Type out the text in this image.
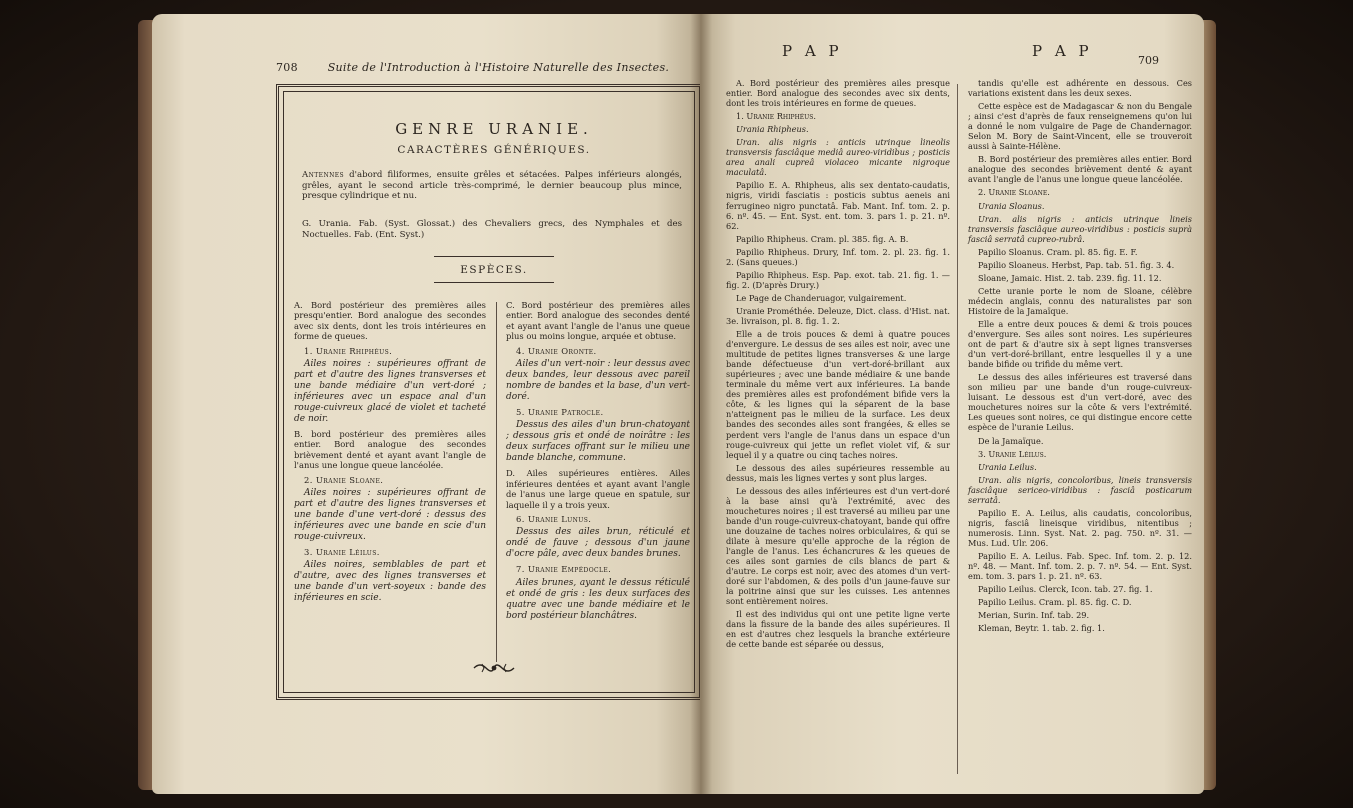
708	Suite de l'Introduction à l'Histoire Naturelle des Insectes.
GENRE URANIE.
CARACTÈRES GÉNÉRIQUES.
Antennes d'abord filiformes, ensuite grêles et sétacées. Palpes inférieurs alongés, grêles, ayant le second article très-comprimé, le dernier beaucoup plus mince, presque cylindrique et nu.
G. Urania. Fab. (Syst. Glossat.) des Chevaliers grecs, des Nymphales et des Noctuelles. Fab. (Ent. Syst.)
ESPÈCES.

A. Bord postérieur des premières ailes presqu'entier. Bord analogue des secondes avec six dents, dont les trois intérieures en forme de queues.

1. Uranie Rhiphéus.

Ailes noires : supérieures offrant de part et d'autre des lignes transverses et une bande médiaire d'un vert-doré ; inférieures avec un espace anal d'un rouge-cuivreux glacé de violet et tacheté de noir.

B. bord postérieur des premières ailes entier. Bord analogue des secondes brièvement denté et ayant avant l'angle de l'anus une longue queue lancéolée.

2. Uranie Sloane.

Ailes noires : supérieures offrant de part et d'autre des lignes transverses et une bande d'une vert-doré : dessus des inférieures avec une bande en scie d'un rouge-cuivreux.

3. Uranie Léilus.

Ailes noires, semblables de part et d'autre, avec des lignes transverses et une bande d'un vert-soyeux : bande des inférieures en scie.

C. Bord postérieur des premières ailes entier. Bord analogue des secondes denté et ayant avant l'angle de l'anus une queue plus ou moins longue, arquée et obtuse.

4. Uranie Oronte.

Ailes d'un vert-noir : leur dessus avec deux bandes, leur dessous avec pareil nombre de bandes et la base, d'un vert-doré.

5. Uranie Patrocle.

Dessus des ailes d'un brun-chatoyant ; dessous gris et ondé de noirâtre : les deux surfaces offrant sur le milieu une bande blanche, commune.

D. Ailes supérieures entières. Ailes inférieures dentées et ayant avant l'angle de l'anus une large queue en spatule, sur laquelle il y a trois yeux.

6. Uranie Lunus.

Dessus des ailes brun, réticulé et ondé de fauve ; dessous d'un jaune d'ocre pâle, avec deux bandes brunes.

7. Uranie Empédocle.

Ailes brunes, ayant le dessus réticulé et ondé de gris : les deux surfaces des quatre avec une bande médiaire et le bord postérieur blanchâtres.

P A P	P A P
709

A. Bord postérieur des premières ailes presque entier. Bord analogue des secondes avec six dents, dont les trois intérieures en forme de queues.

1. Uranie Rhiphéus.

Urania Rhipheus.

Uran. alis nigris : anticis utrinque lineolis transversis fasciâque mediâ aureo-viridibus ; posticis area anali cupreâ violaceo micante nigroque maculatâ.

Papilio E. A. Rhipheus, alis sex dentato-caudatis, nigris, viridi fasciatis : posticis subtus aeneis ani ferrugineo nigro punctatâ. Fab. Mant. Inf. tom. 2. p. 6. nº. 45. — Ent. Syst. ent. tom. 3. pars 1. p. 21. nº. 62.

Papilio Rhipheus. Cram. pl. 385. fig. A. B.

Papilio Rhipheus. Drury, Inf. tom. 2. pl. 23. fig. 1. 2. (Sans queues.)

Papilio Rhipheus. Esp. Pap. exot. tab. 21. fig. 1. — fig. 2. (D'après Drury.)

Le Page de Chanderuagor, vulgairement.

Uranie Prométhée. Deleuze, Dict. class. d'Hist. nat. 3e. livraison, pl. 8. fig. 1. 2.

Elle a de trois pouces & demi à quatre pouces d'envergure. Le dessus de ses ailes est noir, avec une multitude de petites lignes transverses & une large bande défectueuse d'un vert-doré-brillant aux supérieures ; avec une bande médiaire & une bande terminale du même vert aux inférieures. La bande des premières ailes est profondément bifide vers la côte, & les lignes qui la séparent de la base n'atteignent pas le milieu de la surface. Les deux bandes des secondes ailes sont frangées, & elles se perdent vers l'angle de l'anus dans un espace d'un rouge-cuivreux qui jette un reflet violet vif, & sur lequel il y a quatre ou cinq taches noires.

Le dessous des ailes supérieures ressemble au dessus, mais les lignes vertes y sont plus larges.

Le dessous des ailes inférieures est d'un vert-doré à la base ainsi qu'à l'extrémité, avec des mouchetures noires ; il est traversé au milieu par une bande d'un rouge-cuivreux-chatoyant, bande qui offre une douzaine de taches noires orbiculaires, & qui se dilate à mesure qu'elle approche de la région de l'angle de l'anus. Les échancrures & les queues de ces ailes sont garnies de cils blancs de part & d'autre. Le corps est noir, avec des atomes d'un vert-doré sur l'abdomen, & des poils d'un jaune-fauve sur la poitrine ainsi que sur les cuisses. Les antennes sont entièrement noires.

Il est des individus qui ont une petite ligne verte dans la fissure de la bande des ailes supérieures. Il en est d'autres chez lesquels la branche extérieure de cette bande est séparée ou dessus,

tandis qu'elle est adhérente en dessous. Ces variations existent dans les deux sexes.

Cette espèce est de Madagascar & non du Bengale ; ainsi c'est d'après de faux renseignemens qu'on lui a donné le nom vulgaire de Page de Chandernagor. Selon M. Bory de Saint-Vincent, elle se trouveroit aussi à Sainte-Hélène.

B. Bord postérieur des premières ailes entier. Bord analogue des secondes brièvement denté & ayant avant l'angle de l'anus une longue queue lancéolée.

2. Uranie Sloane.

Urania Sloanus.

Uran. alis nigris : anticis utrinque lineis transversis fasciâque aureo-viridibus : posticis suprà fasciâ serratâ cupreo-rubrâ.

Papilio Sloanus. Cram. pl. 85. fig. E. F.

Papilio Sloaneus. Herbst, Pap. tab. 51. fig. 3. 4.

Sloane, Jamaic. Hist. 2. tab. 239. fig. 11. 12.

Cette uranie porte le nom de Sloane, célèbre médecin anglais, connu des naturalistes par son Histoire de la Jamaïque.

Elle a entre deux pouces & demi & trois pouces d'envergure. Ses ailes sont noires. Les supérieures ont de part & d'autre six à sept lignes transverses d'un vert-doré-brillant, entre lesquelles il y a une bande bifide ou trifide du même vert.

Le dessus des ailes inférieures est traversé dans son milieu par une bande d'un rouge-cuivreux-luisant. Le dessous est d'un vert-doré, avec des mouchetures noires sur la côte & vers l'extrémité. Les queues sont noires, ce qui distingue encore cette espèce de l'uranie Leilus.

De la Jamaïque.

3. Uranie Léilus.

Urania Leilus.

Uran. alis nigris, concoloribus, lineis transversis fasciâque sericeo-viridibus : fasciâ posticarum serratâ.

Papilio E. A. Leilus, alis caudatis, concoloribus, nigris, fasciâ lineisque viridibus, nitentibus ; numerosis. Linn. Syst. Nat. 2. pag. 750. nº. 31. — Mus. Lud. Ulr. 206.

Papilio E. A. Leilus. Fab. Spec. Inf. tom. 2. p. 12. nº. 48. — Mant. Inf. tom. 2. p. 7. nº. 54. — Ent. Syst. em. tom. 3. pars 1. p. 21. nº. 63.

Papilio Leilus. Clerck, Icon. tab. 27. fig. 1.

Papilio Leilus. Cram. pl. 85. fig. C. D.

Merian, Surin. Inf. tab. 29.

Kleman, Beytr. 1. tab. 2. fig. 1.
